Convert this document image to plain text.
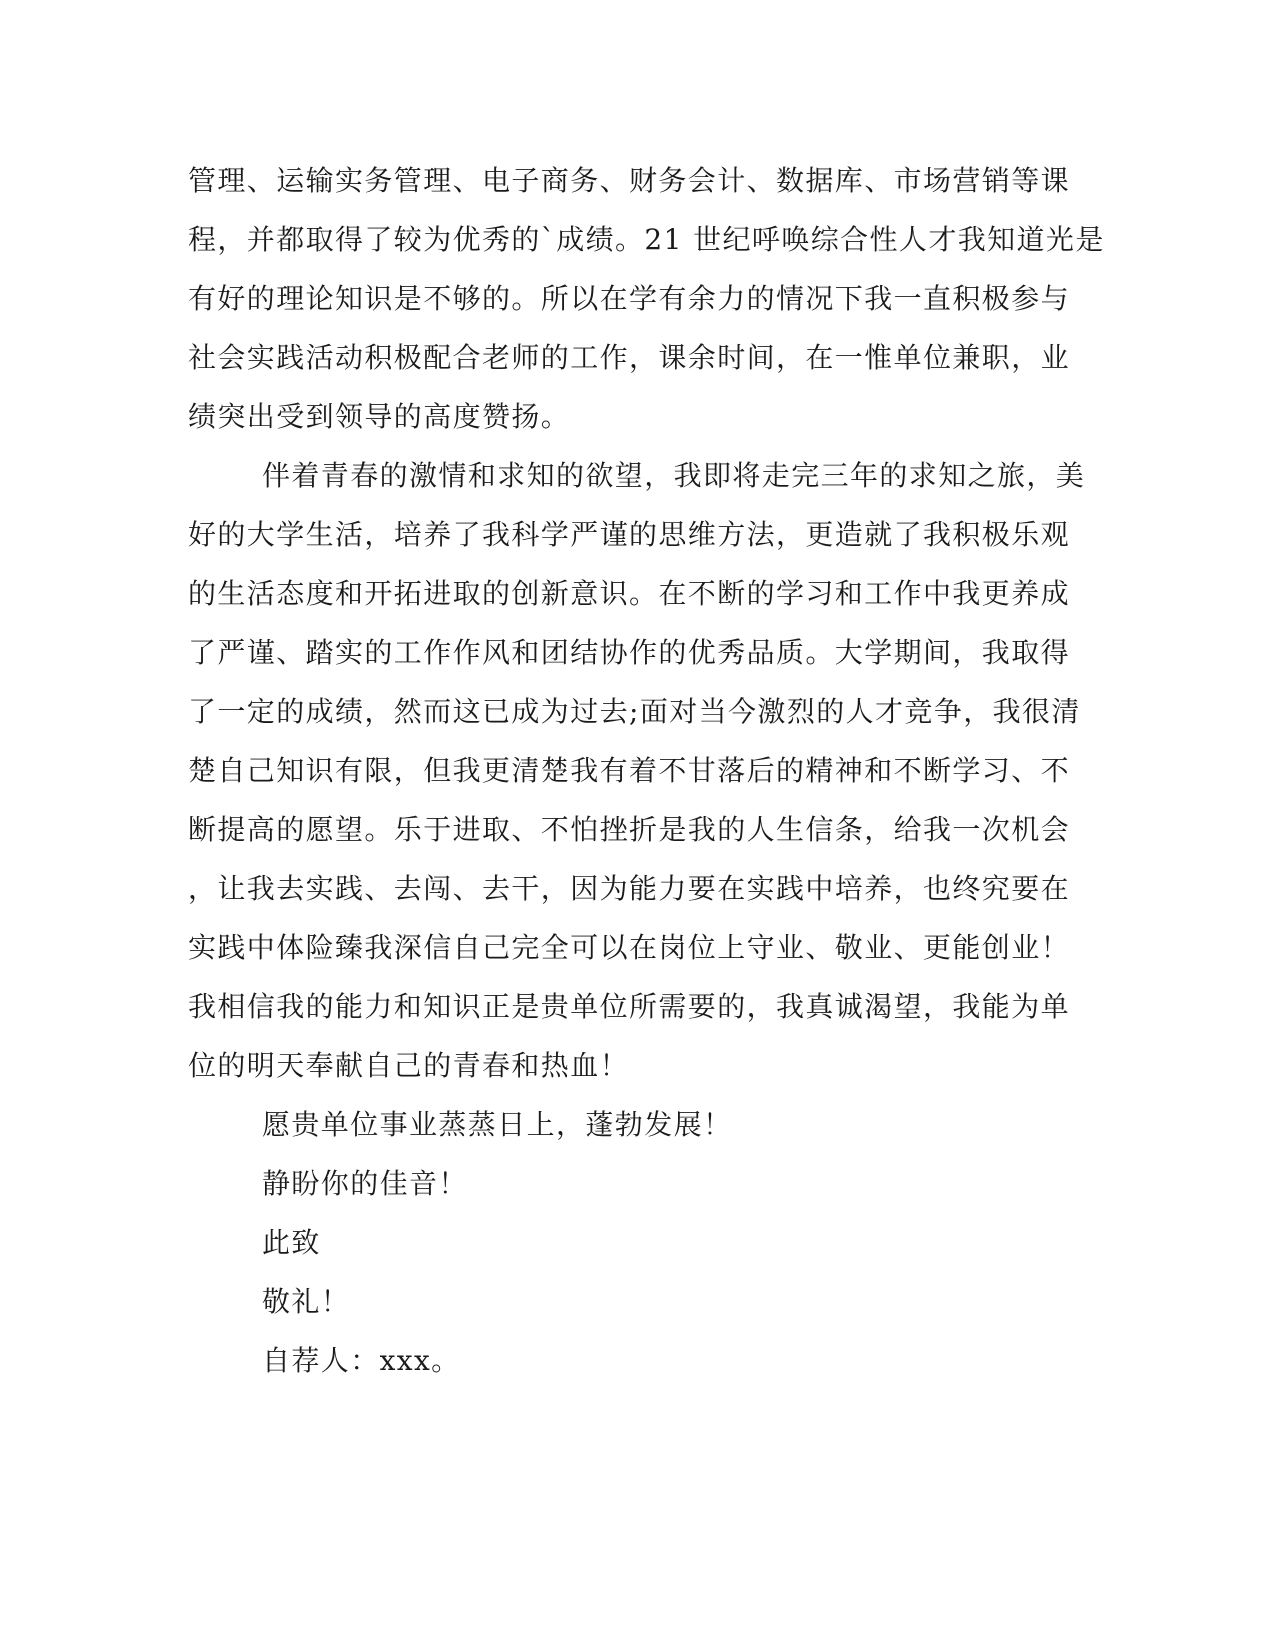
管理、运输实务管理、电子商务、财务会计、数据库、市场营销等课
程，并都取得了较为优秀的`成绩。21 世纪呼唤综合性人才我知道光是
有好的理论知识是不够的。所以在学有余力的情况下我一直积极参与
社会实践活动积极配合老师的工作，课余时间，在一惟单位兼职，业
绩突出受到领导的高度赞扬。
伴着青春的激情和求知的欲望，我即将走完三年的求知之旅，美
好的大学生活，培养了我科学严谨的思维方法，更造就了我积极乐观
的生活态度和开拓进取的创新意识。在不断的学习和工作中我更养成
了严谨、踏实的工作作风和团结协作的优秀品质。大学期间，我取得
了一定的成绩，然而这已成为过去;面对当今激烈的人才竞争，我很清
楚自己知识有限，但我更清楚我有着不甘落后的精神和不断学习、不
断提高的愿望。乐于进取、不怕挫折是我的人生信条，给我一次机会
，让我去实践、去闯、去干，因为能力要在实践中培养，也终究要在
实践中体险臻我深信自己完全可以在岗位上守业、敬业、更能创业！
我相信我的能力和知识正是贵单位所需要的，我真诚渴望，我能为单
位的明天奉献自己的青春和热血！
愿贵单位事业蒸蒸日上，蓬勃发展！
静盼你的佳音！
此致
敬礼！
自荐人：xxx。
